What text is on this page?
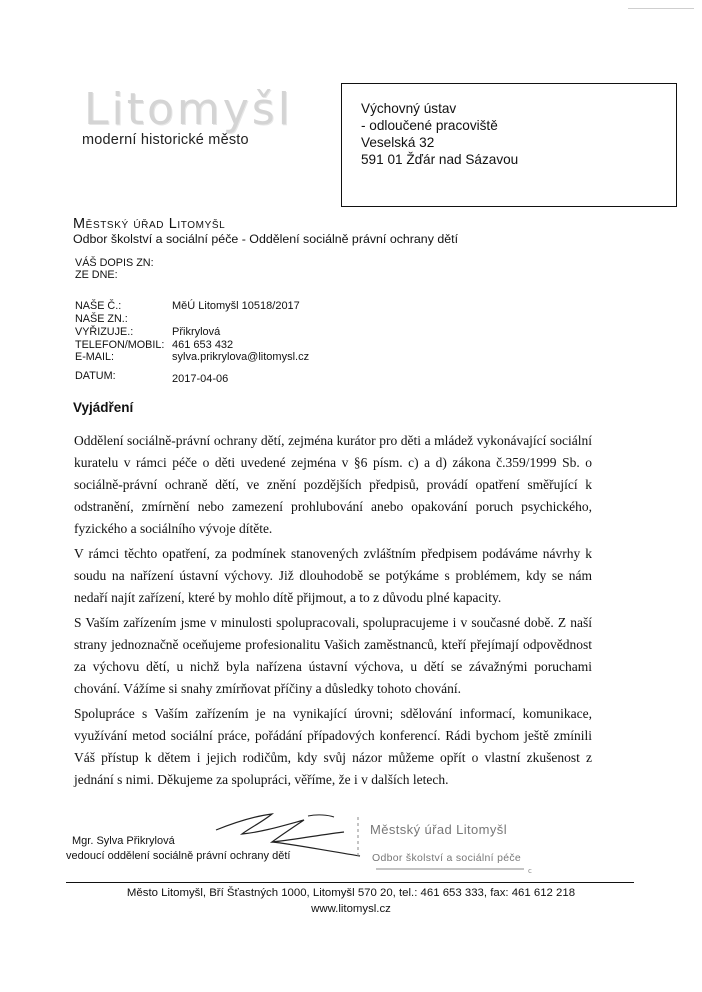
Litomyšl
moderní historické město
Výchovný ústav
- odloučené pracoviště
Veselská 32
591 01 Žďár nad Sázavou
Městský úřad Litomyšl
Odbor školství a sociální péče - Oddělení sociálně právní ochrany dětí
VÁŠ DOPIS ZN:
ZE DNE:
NAŠE Č.:	MěÚ Litomyšl 10518/2017
NAŠE ZN.:
VYŘIZUJE.:	Přikrylová
TELEFON/MOBIL: 461 653 432
E-MAIL:	sylva.prikrylova@litomysl.cz
DATUM:	2017-04-06
Vyjádření

Oddělení sociálně-právní ochrany dětí, zejména kurátor pro děti a mládež vykonávající sociální kuratelu v rámci péče o děti uvedené zejména v §6 písm. c) a d) zákona č.359/1999 Sb. o sociálně-právní ochraně dětí, ve znění pozdějších předpisů, provádí opatření směřující k odstranění, zmírnění nebo zamezení prohlubování anebo opakování poruch psychického, fyzického a sociálního vývoje dítěte.

V rámci těchto opatření, za podmínek stanovených zvláštním předpisem podáváme návrhy k soudu na nařízení ústavní výchovy. Již dlouhodobě se potýkáme s problémem, kdy se nám nedaří najít zařízení, které by mohlo dítě přijmout, a to z důvodu plné kapacity.

S Vaším zařízením jsme v minulosti spolupracovali, spolupracujeme i v současné době. Z naší strany jednoznačně oceňujeme profesionalitu Vašich zaměstnanců, kteří přejímají odpovědnost za výchovu dětí, u nichž byla nařízena ústavní výchova, u dětí se závažnými poruchami chování. Vážíme si snahy zmírňovat příčiny a důsledky tohoto chování.

Spolupráce s Vaším zařízením je na vynikající úrovni; sdělování informací, komunikace, využívání metod sociální práce, pořádání případových konferencí. Rádi bychom ještě zmínili Váš přístup k dětem i jejich rodičům, kdy svůj názor můžeme opřít o vlastní zkušenost z jednání s nimi. Děkujeme za spolupráci, věříme, že i v dalších letech.

Mgr. Sylva Přikrylová
vedoucí oddělení sociálně právní ochrany dětí
c
Městský úřad Litomyšl
Odbor školství a sociální péče
Město Litomyšl, Bří Šťastných 1000, Litomyšl 570 20, tel.: 461 653 333, fax: 461 612 218
www.litomysl.cz
